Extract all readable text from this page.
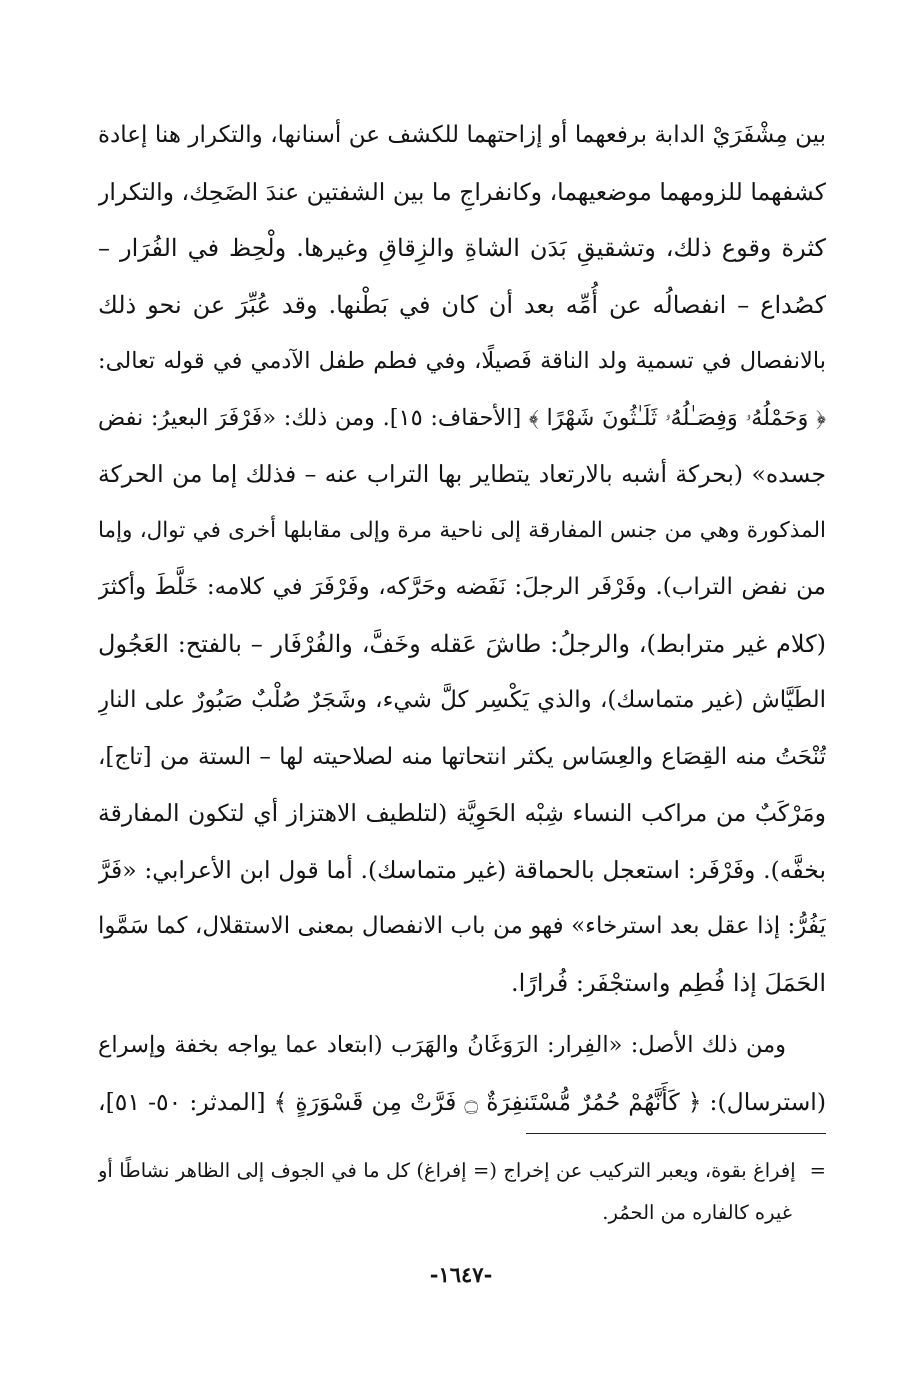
بين مِشْفَرَيْ الدابة برفعهما أو إزاحتهما للكشف عن أسنانها، والتكرار هنا إعادة
كشفهما للزومهما موضعيهما، وكانفراجِ ما بين الشفتين عندَ الضَحِك، والتكرار
كثرة وقوع ذلك، وتشقيقِ بَدَن الشاةِ والزِقاقِ وغيرها. ولْحِظ في الفُرَار –
كصُداع – انفصالُه عن أُمِّه بعد أن كان في بَطْنها. وقد عُبِّرَ عن نحو ذلك
بالانفصال في تسمية ولد الناقة فَصيلًا، وفي فطم طفل الآدمي في قوله تعالى:
﴿ وَحَمْلُهُۥ وَفِصَـٰلُهُۥ ثَلَـٰثُونَ شَهْرًا ﴾ [الأحقاف: ١٥]. ومن ذلك: «فَرْفَرَ البعيرُ: نفض
جسده» (بحركة أشبه بالارتعاد يتطاير بها التراب عنه – فذلك إما من الحركة
المذكورة وهي من جنس المفارقة إلى ناحية مرة وإلى مقابلها أخرى في توال، وإما
من نفض التراب). وفَرْفَر الرجلَ: نَفَضه وحَرَّكه، وفَرْفَرَ في كلامه: خَلَّطَ وأكثرَ
(كلام غير مترابط)، والرجلُ: طاشَ عَقله وخَفَّ، والفُرْفَار – بالفتح: العَجُول
الطَيَّاش (غير متماسك)، والذي يَكْسِر كلَّ شيء، وشَجَرٌ صُلْبٌ صَبُورٌ على النارِ
تُنْحَتُ منه القِصَاع والعِسَاس يكثر انتحاتها منه لصلاحيته لها – الستة من [تاج]،
ومَرْكَبٌ من مراكب النساء شِبْه الحَوِيَّة (لتلطيف الاهتزاز أي لتكون المفارقة
بخفَّه). وفَرْفَر: استعجل بالحماقة (غير متماسك). أما قول ابن الأعرابي: «فَرَّ
يَفُرُّ: إذا عقل بعد استرخاء» فهو من باب الانفصال بمعنى الاستقلال، كما سَمَّوا
الحَمَلَ إذا فُطِم واستجْفَر: فُرارًا.
ومن ذلك الأصل: «الفِرار: الرَوَغَانُ والهَرَب (ابتعاد عما يواجه بخفة وإسراع
(استرسال): ﴿ كَأَنَّهُمْ حُمُرٌ مُّسْتَنفِرَةٌ ۝ فَرَّتْ مِن قَسْوَرَةٍ ﴾ [المدثر: ٥٠- ٥١]،
=إفراغ بقوة، ويعبر التركيب عن إخراج (= إفراغ) كل ما في الجوف إلى الظاهر نشاطًا أو
غيره كالفاره من الحمُر.
-١٦٤٧-
